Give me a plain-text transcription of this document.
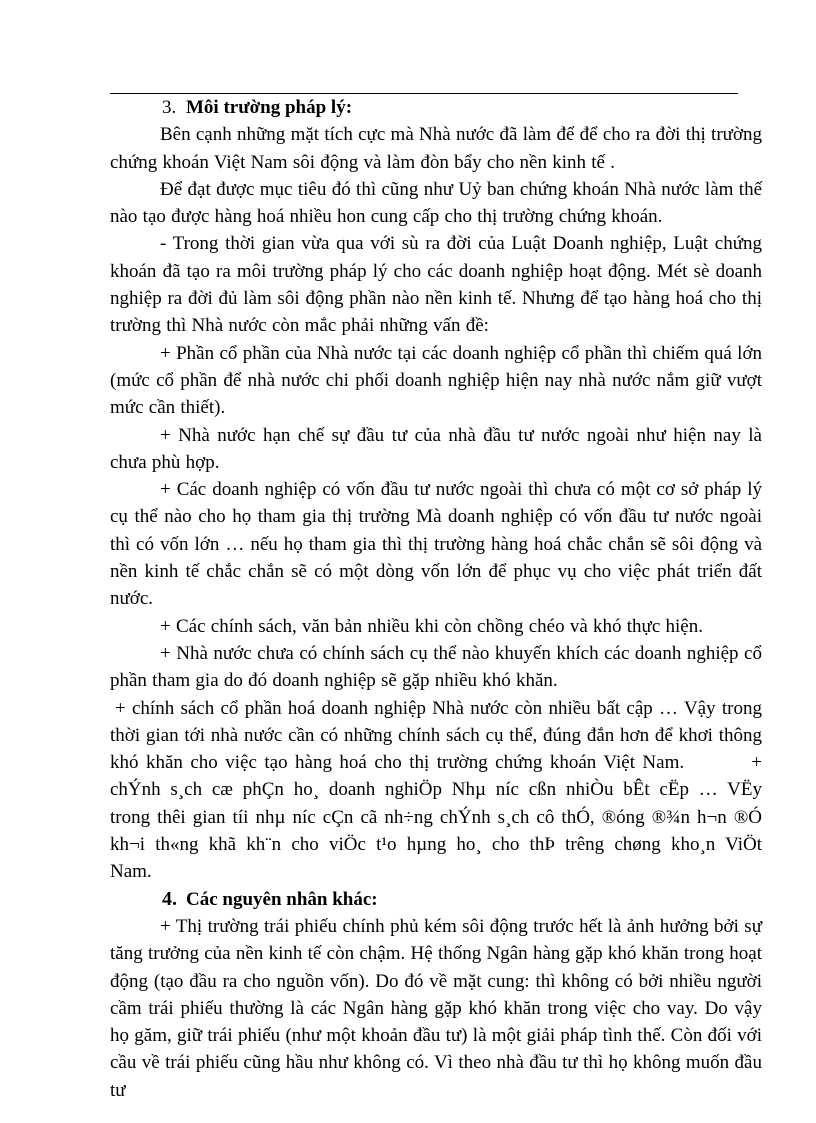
3. Môi trường pháp lý:

Bên cạnh những mặt tích cực mà Nhà nước đã làm để để cho ra đời thị trường chứng khoán Việt Nam sôi động và làm đòn bẩy cho nền kinh tế .

Để đạt được mục tiêu đó thì cũng như Uỷ ban chứng khoán Nhà nước làm thế nào tạo được hàng hoá nhiều hon cung cấp cho thị trường chứng khoán.

- Trong thời gian vừa qua với sù ra đời của Luật Doanh nghiệp, Luật chứng khoán đã tạo ra môi trường pháp lý cho các doanh nghiệp hoạt động. Mét sè doanh nghiệp ra đời đủ làm sôi động phần nào nền kinh tế. Nhưng để tạo hàng hoá cho thị trường thì Nhà nước còn mắc phải những vấn đề:

+ Phần cổ phần của Nhà nước tại các doanh nghiệp cổ phần thì chiếm quá lớn (mức cổ phần để nhà nước chi phối doanh nghiệp hiện nay nhà nước nắm giữ vượt mức cần thiết).

+ Nhà nước hạn chế sự đầu tư của nhà đầu tư nước ngoài như hiện nay là chưa phù hợp.

+ Các doanh nghiệp có vốn đầu tư nước ngoài thì chưa có một cơ sở pháp lý cụ thể nào cho họ tham gia thị trường Mà doanh nghiệp có vốn đầu tư nước ngoài thì có vốn lớn … nếu họ tham gia thì thị trường hàng hoá chắc chắn sẽ sôi động và nền kinh tế chắc chắn sẽ có một dòng vốn lớn để phục vụ cho việc phát triển đất nước.

+ Các chính sách, văn bản nhiều khi còn chồng chéo và khó thực hiện.

+ Nhà nước chưa có chính sách cụ thể nào khuyến khích các doanh nghiệp cổ phần tham gia do đó doanh nghiệp sẽ gặp nhiều khó khăn.

+ chính sách cổ phần hoá doanh nghiệp Nhà nước còn nhiều bất cập … Vậy trong thời gian tới nhà nước cần có những chính sách cụ thể, đúng đắn hơn để khơi thông khó khăn cho việc tạo hàng hoá cho thị trường chứng khoán Việt Nam.	+ chÝnh s¸ch cæ phÇn ho¸ doanh nghiÖp Nhµ níc cßn nhiÒu bÊt cËp … VËy trong thêi gian tíi nhµ níc cÇn cã nh÷ng chÝnh s¸ch cô thÓ, ®óng ®¾n h¬n ®Ó kh¬i th«ng khã kh¨n cho viÖc t¹o hµng ho¸ cho thÞ trêng chøng kho¸n ViÖt Nam.

4. Các nguyên nhân khác:

+ Thị trường trái phiếu chính phủ kém sôi động trước hết là ảnh hưởng bởi sự tăng trưởng của nền kinh tế còn chậm. Hệ thống Ngân hàng gặp khó khăn trong hoạt động (tạo đầu ra cho nguồn vốn). Do đó về mặt cung: thì không có bởi nhiều người cầm trái phiếu thường là các Ngân hàng gặp khó khăn trong việc cho vay. Do vậy họ găm, giữ trái phiếu (như một khoản đầu tư) là một giải pháp tình thế. Còn đối với cầu về trái phiếu cũng hầu như không có. Vì theo nhà đầu tư thì họ không muốn đầu tư
